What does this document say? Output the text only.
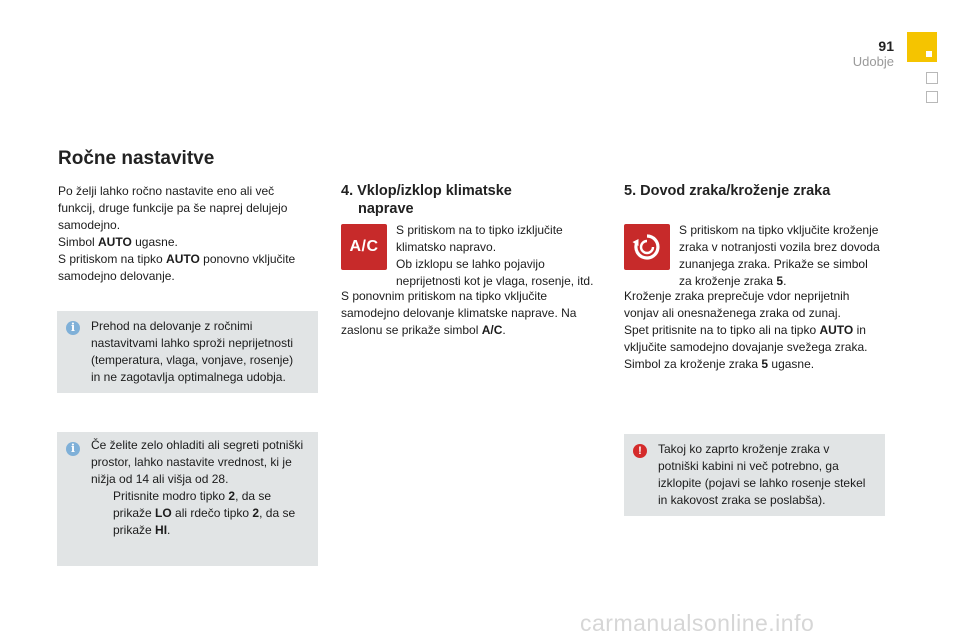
91
Udobje
Ročne nastavitve
Po želji lahko ročno nastavite eno ali več
funkcij, druge funkcije pa še naprej delujejo
samodejno.
Simbol AUTO ugasne.
S pritiskom na tipko AUTO ponovno vključite
samodejno delovanje.
i	Prehod na delovanje z ročnimi
nastavitvami lahko sproži neprijetnosti
(temperatura, vlaga, vonjave, rosenje)
in ne zagotavlja optimalnega udobja.
i	Če želite zelo ohladiti ali segreti potniški
prostor, lahko nastavite vrednost, ki je
nižja od 14 ali višja od 28.
Pritisnite modro tipko 2, da se
prikaže LO ali rdečo tipko 2, da se
prikaže HI.
4. Vklop/izklop klimatske
naprave
A/C
S pritiskom na to tipko izključite
klimatsko napravo.
Ob izklopu se lahko pojavijo
neprijetnosti kot je vlaga, rosenje, itd.
S ponovnim pritiskom na tipko vključite
samodejno delovanje klimatske naprave. Na
zaslonu se prikaže simbol A/C.
5. Dovod zraka/kroženje zraka
S pritiskom na tipko vključite kroženje
zraka v notranjosti vozila brez dovoda
zunanjega zraka. Prikaže se simbol
za kroženje zraka 5.
Kroženje zraka preprečuje vdor neprijetnih
vonjav ali onesnaženega zraka od zunaj.
Spet pritisnite na to tipko ali na tipko AUTO in
vključite samodejno dovajanje svežega zraka.
Simbol za kroženje zraka 5 ugasne.
!	Takoj ko zaprto kroženje zraka v
potniški kabini ni več potrebno, ga
izklopite (pojavi se lahko rosenje stekel
in kakovost zraka se poslabša).
carmanualsonline.info
